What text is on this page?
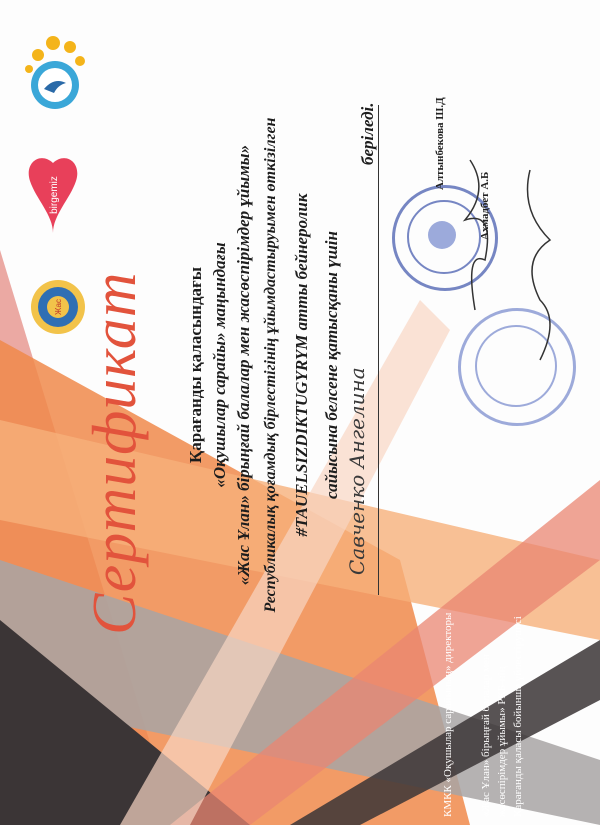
birgemiz
Жас Сертификат Қарағанды қаласындағы «Оқушылар сарайы» маңындағы «Жас Ұлан» бірыңғай балалар мен жасөспірімдер ұйымы» Республикалық қоғамдық бірлестігінің ұйымдастыруымен өткізілген #TAUELSIZDIKTUGYRYM атты бейнеролик сайысына белсене қатысқаны үшін Савченко Ангелина
беріледі.
КМКК «Оқушылар сарайының» директоры «Жас Ұлан» бірыңғай балалар мен жасөспірімдер ұйымы» РҚБ-нің Қарағанды қаласы бойынша үйлестірушісі
Алтынбекова Ш.Д
Ахмадбет А.Б
